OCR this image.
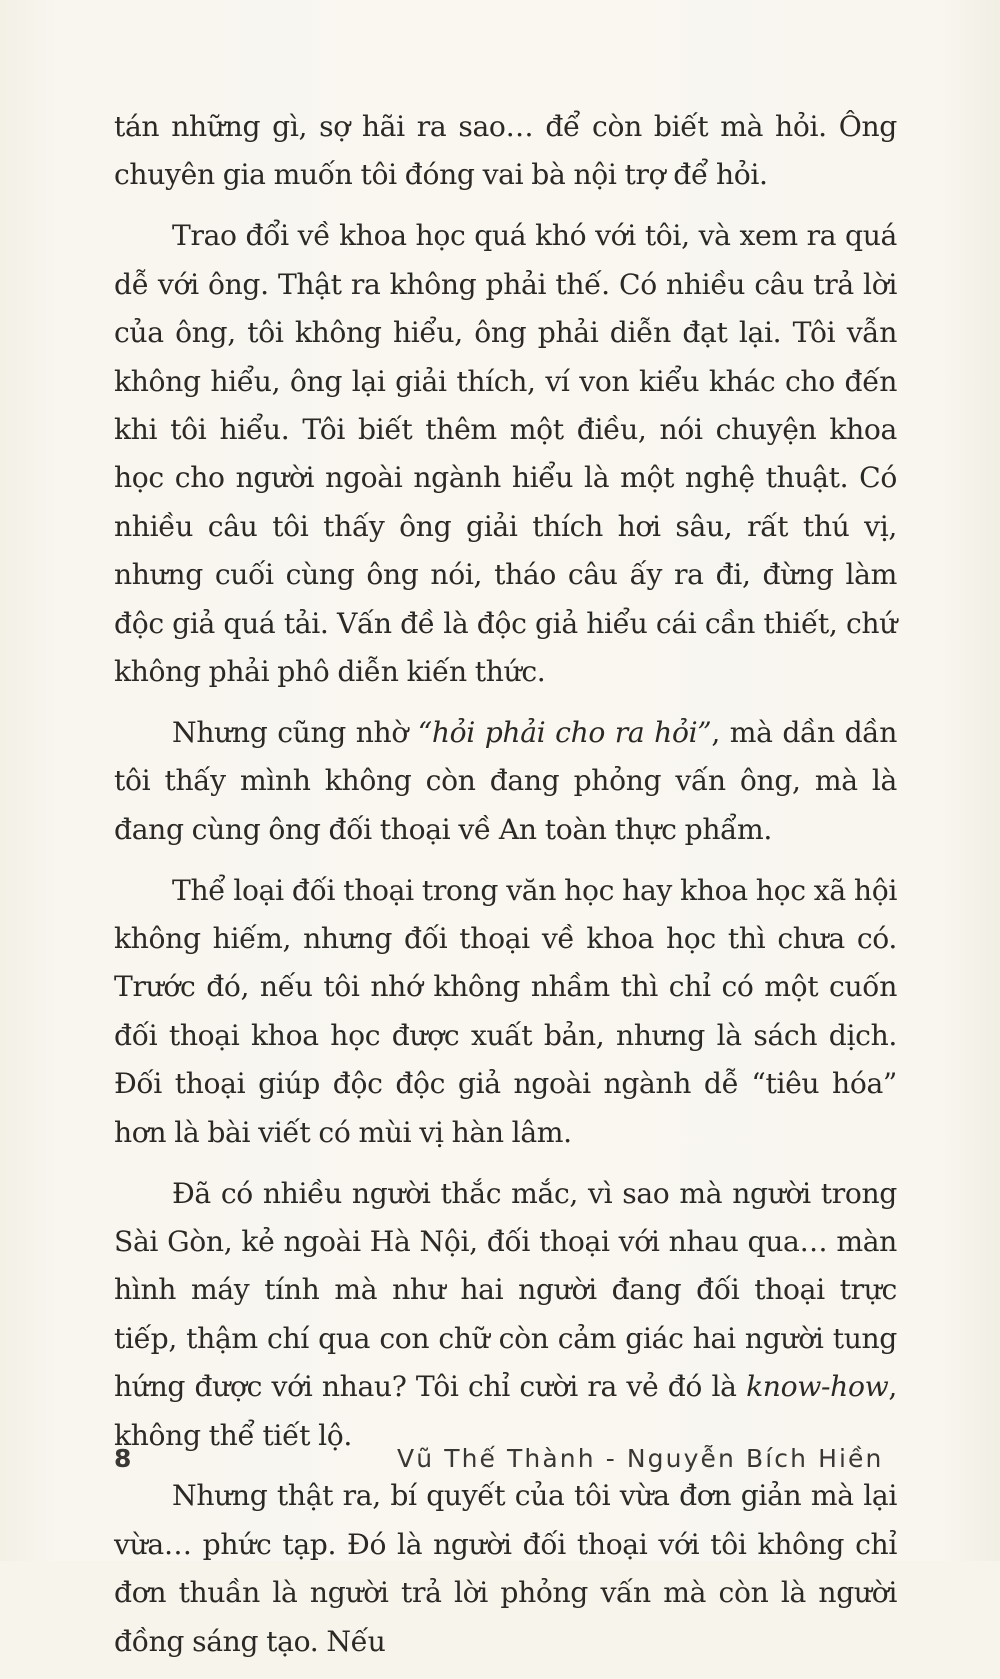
tán những gì, sợ hãi ra sao… để còn biết mà hỏi. Ông chuyên gia muốn tôi đóng vai bà nội trợ để hỏi.

Trao đổi về khoa học quá khó với tôi, và xem ra quá dễ với ông. Thật ra không phải thế. Có nhiều câu trả lời của ông, tôi không hiểu, ông phải diễn đạt lại. Tôi vẫn không hiểu, ông lại giải thích, ví von kiểu khác cho đến khi tôi hiểu. Tôi biết thêm một điều, nói chuyện khoa học cho người ngoài ngành hiểu là một nghệ thuật. Có nhiều câu tôi thấy ông giải thích hơi sâu, rất thú vị, nhưng cuối cùng ông nói, tháo câu ấy ra đi, đừng làm độc giả quá tải. Vấn đề là độc giả hiểu cái cần thiết, chứ không phải phô diễn kiến thức.

Nhưng cũng nhờ “hỏi phải cho ra hỏi”, mà dần dần tôi thấy mình không còn đang phỏng vấn ông, mà là đang cùng ông đối thoại về An toàn thực phẩm.

Thể loại đối thoại trong văn học hay khoa học xã hội không hiếm, nhưng đối thoại về khoa học thì chưa có. Trước đó, nếu tôi nhớ không nhầm thì chỉ có một cuốn đối thoại khoa học được xuất bản, nhưng là sách dịch. Đối thoại giúp độc độc giả ngoài ngành dễ “tiêu hóa” hơn là bài viết có mùi vị hàn lâm.

Đã có nhiều người thắc mắc, vì sao mà người trong Sài Gòn, kẻ ngoài Hà Nội, đối thoại với nhau qua… màn hình máy tính mà như hai người đang đối thoại trực tiếp, thậm chí qua con chữ còn cảm giác hai người tung hứng được với nhau? Tôi chỉ cười ra vẻ đó là know-how, không thể tiết lộ.

Nhưng thật ra, bí quyết của tôi vừa đơn giản mà lại vừa… phức tạp. Đó là người đối thoại với tôi không chỉ đơn thuần là người trả lời phỏng vấn mà còn là người đồng sáng tạo. Nếu

8	Vũ Thế Thành - Nguyễn Bích Hiền
